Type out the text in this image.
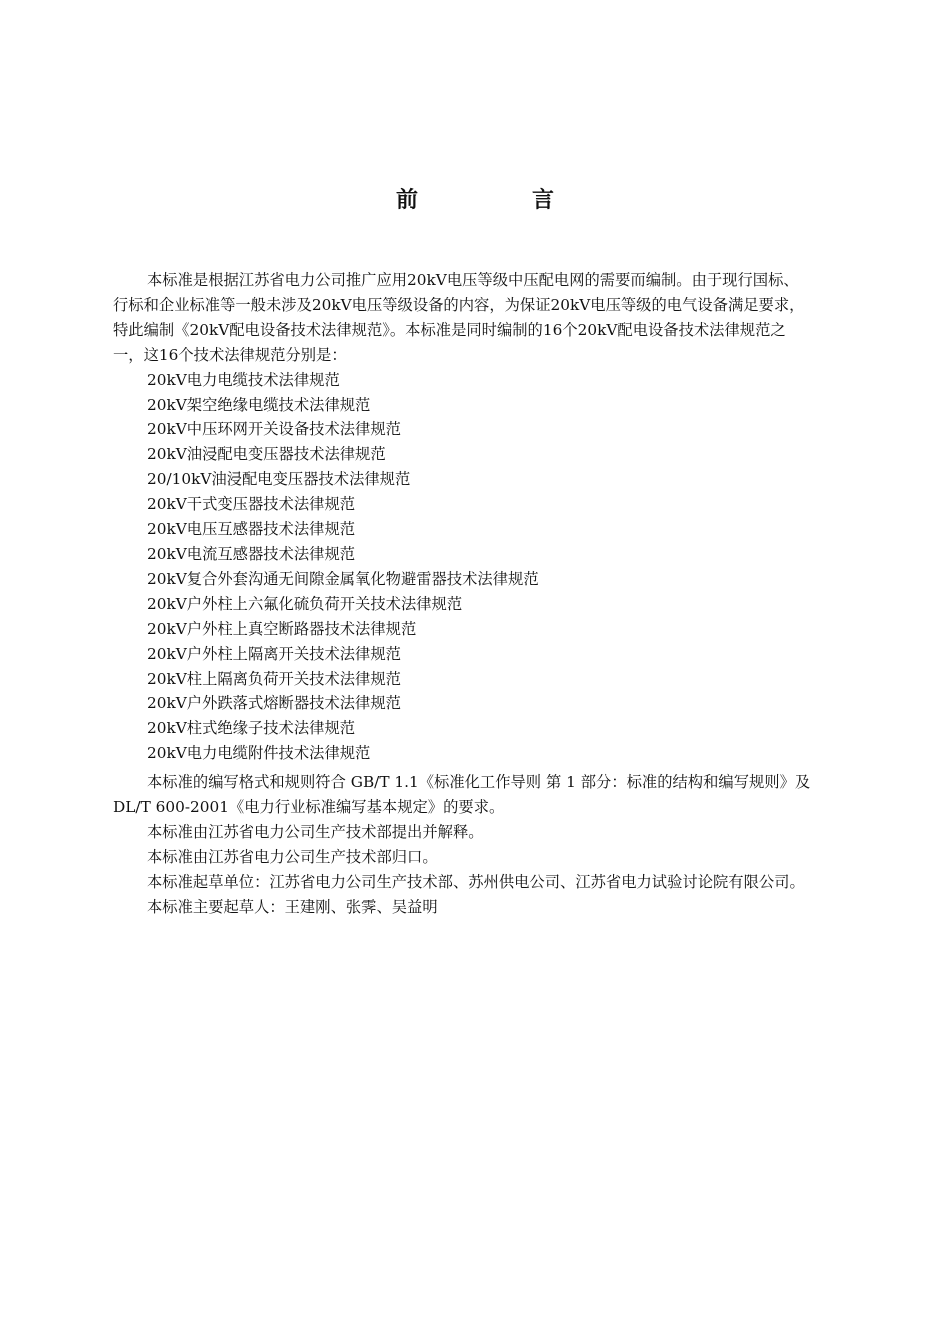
前　言
本标准是根据江苏省电力公司推广应用20kV电压等级中压配电网的需要而编制。由于现行国标、
行标和企业标准等一般未涉及20kV电压等级设备的内容，为保证20kV电压等级的电气设备满足要求，
特此编制《20kV配电设备技术法律规范》。本标准是同时编制的16个20kV配电设备技术法律规范之
一，这16个技术法律规范分别是：
20kV电力电缆技术法律规范
20kV架空绝缘电缆技术法律规范
20kV中压环网开关设备技术法律规范
20kV油浸配电变压器技术法律规范
20/10kV油浸配电变压器技术法律规范
20kV干式变压器技术法律规范
20kV电压互感器技术法律规范
20kV电流互感器技术法律规范
20kV复合外套沟通无间隙金属氧化物避雷器技术法律规范
20kV户外柱上六氟化硫负荷开关技术法律规范
20kV户外柱上真空断路器技术法律规范
20kV户外柱上隔离开关技术法律规范
20kV柱上隔离负荷开关技术法律规范
20kV户外跌落式熔断器技术法律规范
20kV柱式绝缘子技术法律规范
20kV电力电缆附件技术法律规范
本标准的编写格式和规则符合 GB/T 1.1《标准化工作导则 第 1 部分：标准的结构和编写规则》及
DL/T 600-2001《电力行业标准编写基本规定》的要求。
本标准由江苏省电力公司生产技术部提出并解释。
本标准由江苏省电力公司生产技术部归口。
本标准起草单位：江苏省电力公司生产技术部、苏州供电公司、江苏省电力试验讨论院有限公司。
本标准主要起草人：王建刚、张霁、吴益明
